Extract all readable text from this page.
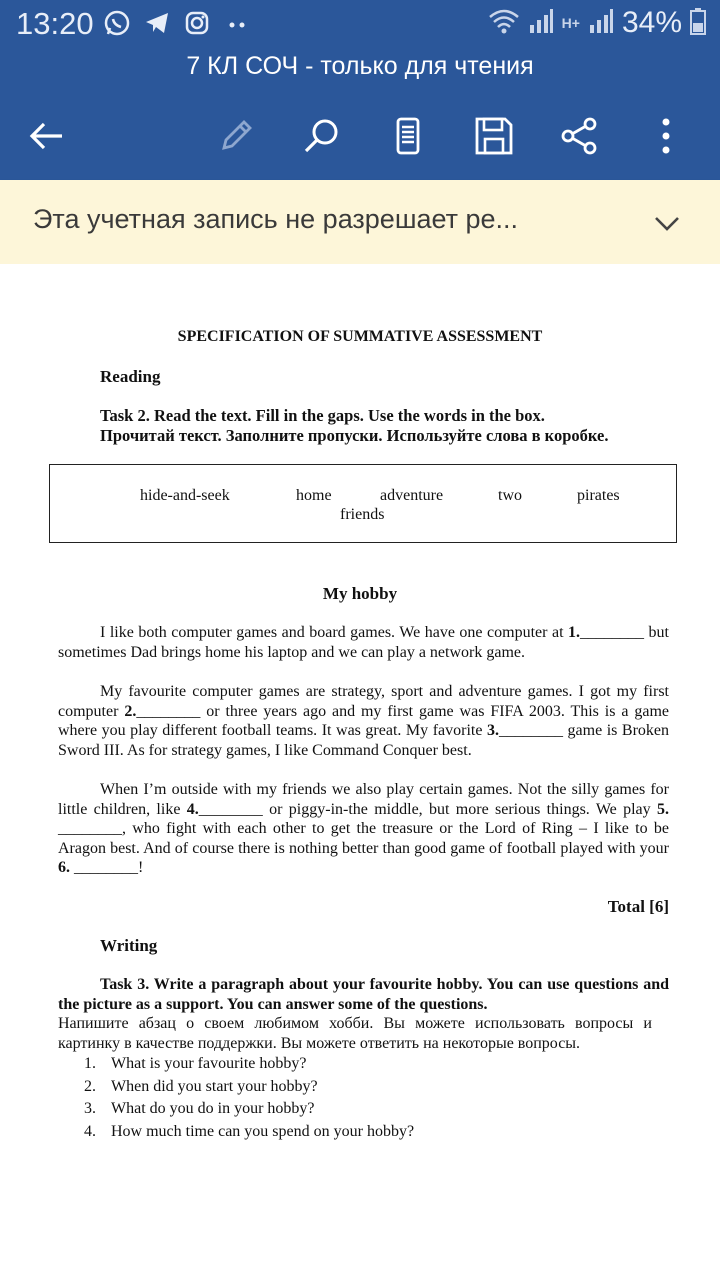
13:20	H+ 34%
7 КЛ СОЧ - только для чтения
Эта учетная запись не разрешает ре...
SPECIFICATION OF SUMMATIVE ASSESSMENT
Reading
Task 2. Read the text. Fill in the gaps. Use the words in the box.
Прочитай текст. Заполните пропуски. Используйте слова в коробке.
hide-and-seek	home	adventure	two	pirates
friends
My hobby
I like both computer games and board games. We have one computer at 1.________ but sometimes Dad brings home his laptop and we can play a network game.
My favourite computer games are strategy, sport and adventure games. I got my first computer 2.________ or three years ago and my first game was FIFA 2003. This is a game where you play different football teams. It was great. My favorite 3.________ game is Broken Sword III. As for strategy games, I like Command Conquer best.
When I’m outside with my friends we also play certain games. Not the silly games for little children, like 4.________ or piggy-in-the middle, but more serious things. We play 5. ________, who fight with each other to get the treasure or the Lord of Ring – I like to be Aragon best. And of course there is nothing better than good game of football played with your 6. ________!
Total [6]
Writing
Task 3. Write a paragraph about your favourite hobby. You can use questions and the picture as a support. You can answer some of the questions.
Напишите абзац о своем любимом хобби. Вы можете использовать вопросы и картинку в качестве поддержки. Вы можете ответить на некоторые вопросы.
1. What is your favourite hobby?
2. When did you start your hobby?
3. What do you do in your hobby?
4. How much time can you spend on your hobby?
